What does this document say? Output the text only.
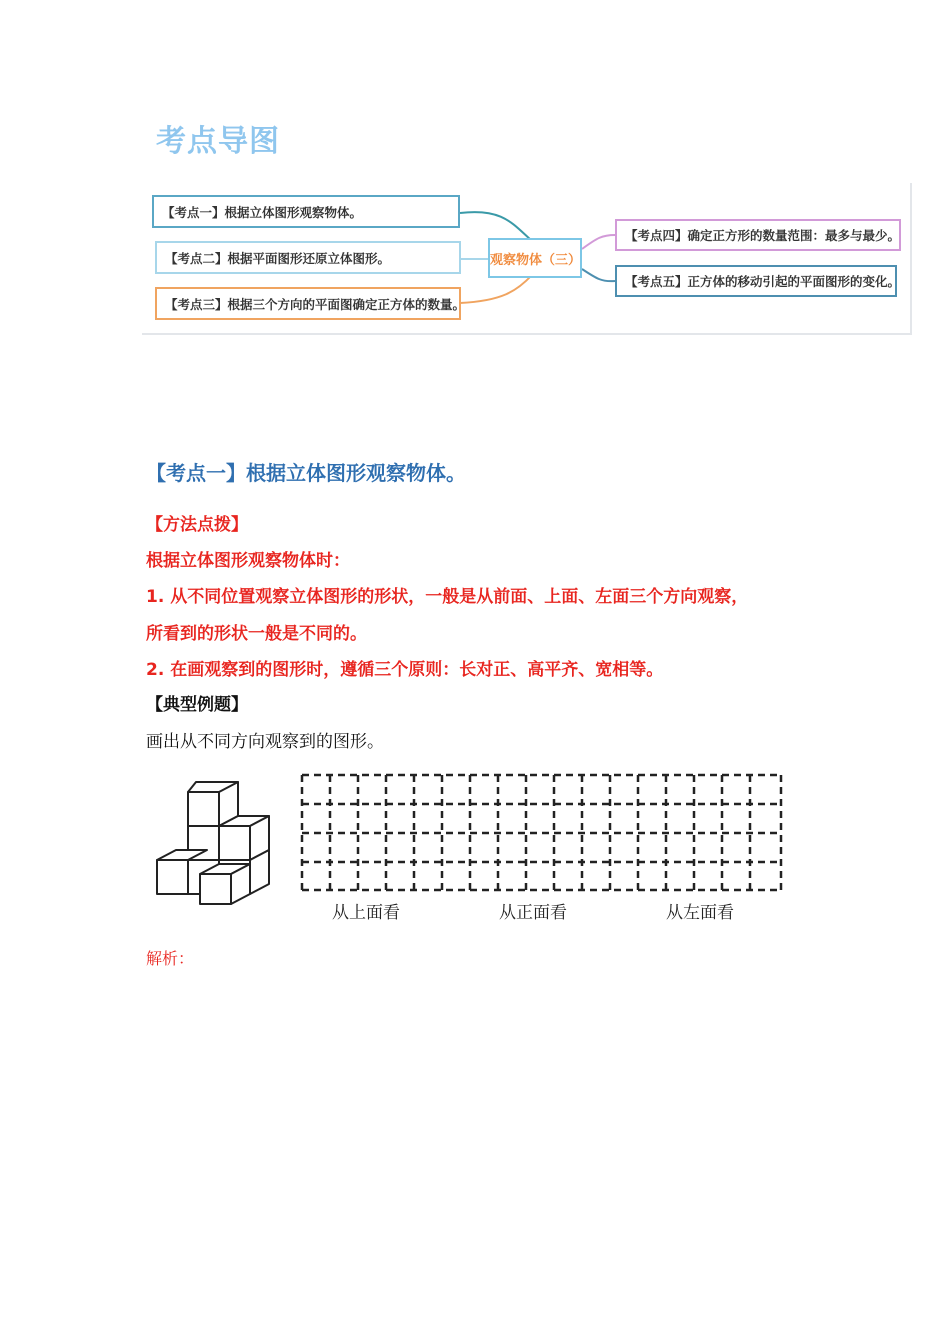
考点导图
【考点一】根据立体图形观察物体。
【考点二】根据平面图形还原立体图形。
【考点三】根据三个方向的平面图确定正方体的数量。
观察物体（三）
【考点四】确定正方形的数量范围：最多与最少。
【考点五】正方体的移动引起的平面图形的变化。
【考点一】根据立体图形观察物体。
【方法点拨】
根据立体图形观察物体时：
1. 从不同位置观察立体图形的形状，一般是从前面、上面、左面三个方向观察，
所看到的形状一般是不同的。
2. 在画观察到的图形时，遵循三个原则：长对正、高平齐、宽相等。
【典型例题】
画出从不同方向观察到的图形。
从上面看	从正面看	从左面看
解析：
